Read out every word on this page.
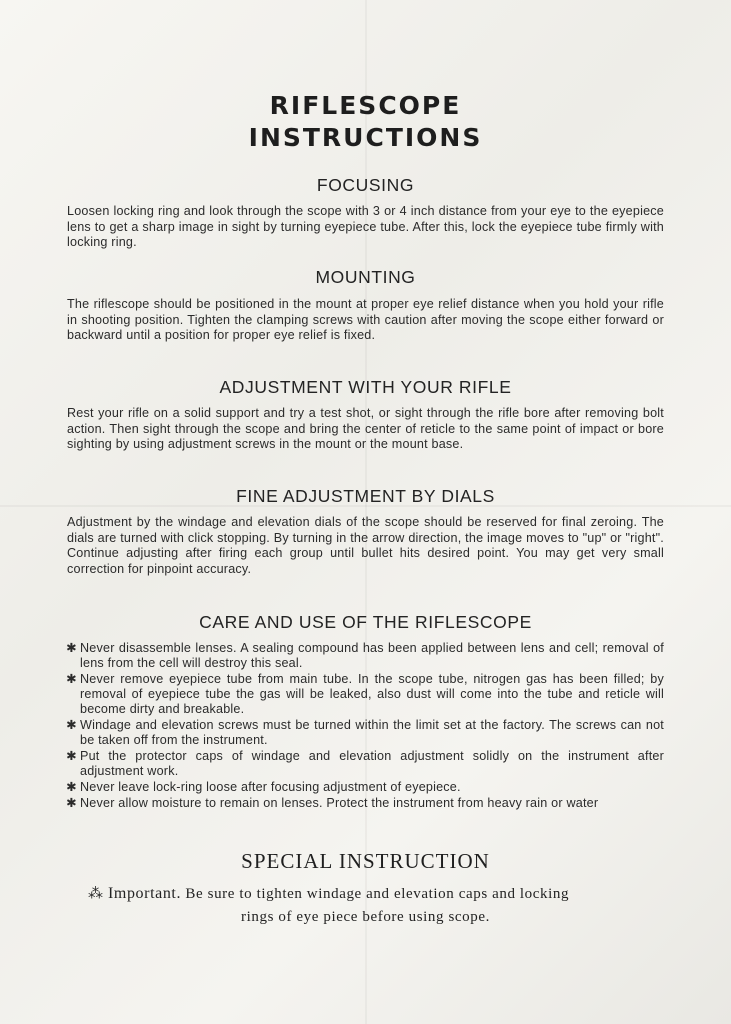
RIFLESCOPE
INSTRUCTIONS
FOCUSING
Loosen locking ring and look through the scope with 3 or 4 inch distance from your eye to the eyepiece lens to get a sharp image in sight by turning eyepiece tube. After this, lock the eyepiece tube firmly with locking ring.
MOUNTING
The riflescope should be positioned in the mount at proper eye relief distance when you hold your rifle in shooting position. Tighten the clamping screws with caution after moving the scope either forward or backward until a position for proper eye relief is fixed.
ADJUSTMENT WITH YOUR RIFLE
Rest your rifle on a solid support and try a test shot, or sight through the rifle bore after removing bolt action. Then sight through the scope and bring the center of reticle to the same point of impact or bore sighting by using adjustment screws in the mount or the mount base.
FINE ADJUSTMENT BY DIALS
Adjustment by the windage and elevation dials of the scope should be reserved for final zeroing. The dials are turned with click stopping. By turning in the arrow direction, the image moves to "up" or "right". Continue adjusting after firing each group until bullet hits desired point. You may get very small correction for pinpoint accuracy.
CARE AND USE OF THE RIFLESCOPE
✱ Never disassemble lenses. A sealing compound has been applied between lens and cell; removal of lens from the cell will destroy this seal.
✱ Never remove eyepiece tube from main tube. In the scope tube, nitrogen gas has been filled; by removal of eyepiece tube the gas will be leaked, also dust will come into the tube and reticle will become dirty and breakable.
✱ Windage and elevation screws must be turned within the limit set at the factory. The screws can not be taken off from the instrument.
✱ Put the protector caps of windage and elevation adjustment solidly on the instrument after adjustment work.
✱ Never leave lock-ring loose after focusing adjustment of eyepiece.
✱ Never allow moisture to remain on lenses. Protect the instrument from heavy rain or water
SPECIAL INSTRUCTION
⁂ Important. Be sure to tighten windage and elevation caps and locking
rings of eye piece before using scope.
